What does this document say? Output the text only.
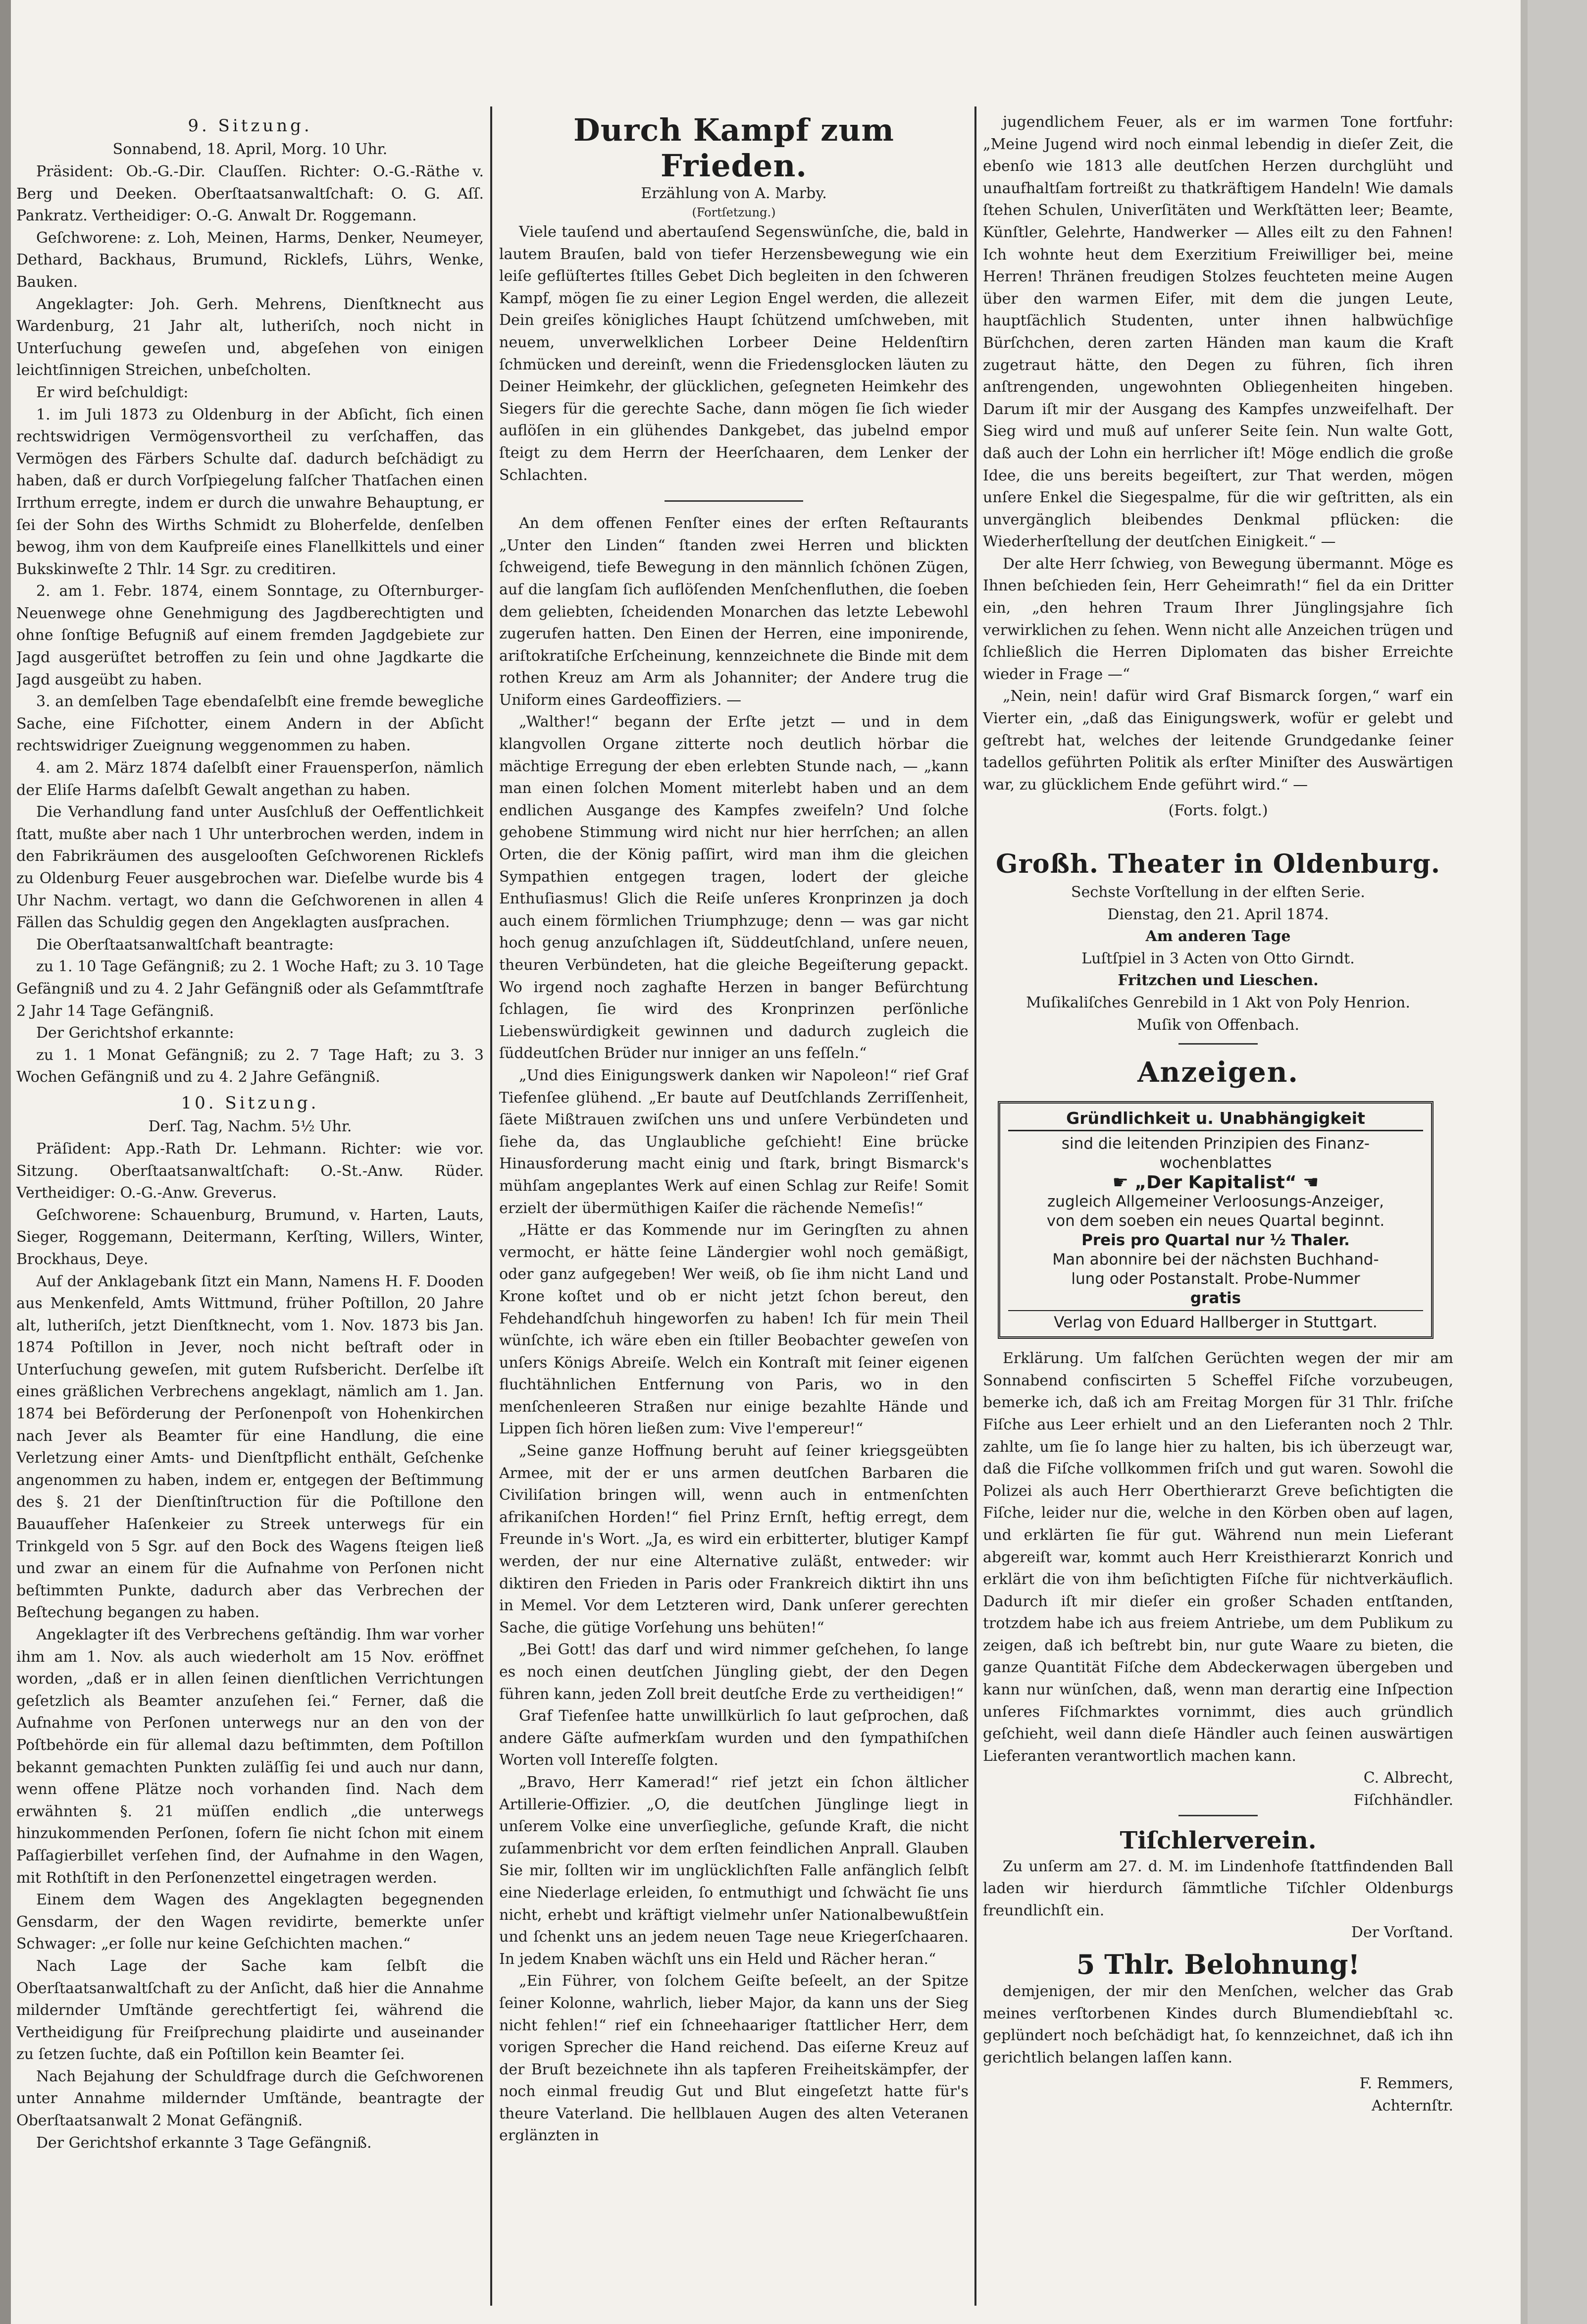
9. Sitzung.
Sonnabend, 18. April, Morg. 10 Uhr.

Präsident: Ob.-G.-Dir. Clauſſen. Richter: O.-G.-Räthe v. Berg und Deeken. Oberſtaatsanwaltſchaft: O. G. Aſſ. Pankratz. Vertheidiger: O.-G. Anwalt Dr. Roggemann.

Geſchworene: z. Loh, Meinen, Harms, Denker, Neumeyer, Dethard, Backhaus, Brumund, Ricklefs, Lührs, Wenke, Bauken.

Angeklagter: Joh. Gerh. Mehrens, Dienſtknecht aus Wardenburg, 21 Jahr alt, lutheriſch, noch nicht in Unterſuchung geweſen und, abgeſehen von einigen leichtſinnigen Streichen, unbeſcholten.

Er wird beſchuldigt:

1. im Juli 1873 zu Oldenburg in der Abſicht, ſich einen rechtswidrigen Vermögensvortheil zu verſchaffen, das Vermögen des Färbers Schulte daſ. dadurch beſchädigt zu haben, daß er durch Vorſpiegelung falſcher Thatſachen einen Irrthum erregte, indem er durch die unwahre Behauptung, er ſei der Sohn des Wirths Schmidt zu Bloherfelde, denſelben bewog, ihm von dem Kaufpreiſe eines Flanellkittels und einer Bukskinweſte 2 Thlr. 14 Sgr. zu creditiren.

2. am 1. Febr. 1874, einem Sonntage, zu Oſternburger-Neuenwege ohne Genehmigung des Jagdberechtigten und ohne ſonſtige Befugniß auf einem fremden Jagdgebiete zur Jagd ausgerüſtet betroffen zu ſein und ohne Jagdkarte die Jagd ausgeübt zu haben.

3. an demſelben Tage ebendaſelbſt eine fremde bewegliche Sache, eine Fiſchotter, einem Andern in der Abſicht rechtswidriger Zueignung weggenommen zu haben.

4. am 2. März 1874 daſelbſt einer Frauensperſon, nämlich der Eliſe Harms daſelbſt Gewalt angethan zu haben.

Die Verhandlung fand unter Ausſchluß der Oeffentlichkeit ſtatt, mußte aber nach 1 Uhr unterbrochen werden, indem in den Fabrikräumen des ausgelooſten Geſchworenen Ricklefs zu Oldenburg Feuer ausgebrochen war. Dieſelbe wurde bis 4 Uhr Nachm. vertagt, wo dann die Geſchworenen in allen 4 Fällen das Schuldig gegen den Angeklagten ausſprachen.

Die Oberſtaatsanwaltſchaft beantragte:

zu 1. 10 Tage Gefängniß; zu 2. 1 Woche Haft; zu 3. 10 Tage Gefängniß und zu 4. 2 Jahr Gefängniß oder als Geſammtſtrafe 2 Jahr 14 Tage Gefängniß.

Der Gerichtshof erkannte:

zu 1. 1 Monat Gefängniß; zu 2. 7 Tage Haft; zu 3. 3 Wochen Gefängniß und zu 4. 2 Jahre Gefängniß.

10. Sitzung.
Derſ. Tag, Nachm. 5½ Uhr.

Präſident: App.-Rath Dr. Lehmann. Richter: wie vor. Sitzung. Oberſtaatsanwaltſchaft: O.-St.-Anw. Rüder. Vertheidiger: O.-G.-Anw. Greverus.

Geſchworene: Schauenburg, Brumund, v. Harten, Lauts, Sieger, Roggemann, Deitermann, Kerſting, Willers, Winter, Brockhaus, Deye.

Auf der Anklagebank ſitzt ein Mann, Namens H. F. Dooden aus Menkenfeld, Amts Wittmund, früher Poſtillon, 20 Jahre alt, lutheriſch, jetzt Dienſtknecht, vom 1. Nov. 1873 bis Jan. 1874 Poſtillon in Jever, noch nicht beſtraft oder in Unterſuchung geweſen, mit gutem Rufsbericht. Derſelbe iſt eines gräßlichen Verbrechens angeklagt, nämlich am 1. Jan. 1874 bei Beförderung der Perſonenpoſt von Hohenkirchen nach Jever als Beamter für eine Handlung, die eine Verletzung einer Amts- und Dienſtpflicht enthält, Geſchenke angenommen zu haben, indem er, entgegen der Beſtimmung des §. 21 der Dienſtinſtruction für die Poſtillone den Bauaufſeher Haſenkeier zu Streek unterwegs für ein Trinkgeld von 5 Sgr. auf den Bock des Wagens ſteigen ließ und zwar an einem für die Aufnahme von Perſonen nicht beſtimmten Punkte, dadurch aber das Verbrechen der Beſtechung begangen zu haben.

Angeklagter iſt des Verbrechens geſtändig. Ihm war vorher ihm am 1. Nov. als auch wiederholt am 15 Nov. eröffnet worden, „daß er in allen ſeinen dienſtlichen Verrichtungen geſetzlich als Beamter anzuſehen ſei.“ Ferner, daß die Aufnahme von Perſonen unterwegs nur an den von der Poſtbehörde ein für allemal dazu beſtimmten, dem Poſtillon bekannt gemachten Punkten zuläſſig ſei und auch nur dann, wenn offene Plätze noch vorhanden ſind. Nach dem erwähnten §. 21 müſſen endlich „die unterwegs hinzukommenden Perſonen, ſofern ſie nicht ſchon mit einem Paſſagierbillet verſehen ſind, der Aufnahme in den Wagen, mit Rothſtift in den Perſonenzettel eingetragen werden.

Einem dem Wagen des Angeklagten begegnenden Gensdarm, der den Wagen revidirte, bemerkte unſer Schwager: „er ſolle nur keine Geſchichten machen.“

Nach Lage der Sache kam ſelbſt die Oberſtaatsanwaltſchaft zu der Anſicht, daß hier die Annahme mildernder Umſtände gerechtfertigt ſei, während die Vertheidigung für Freiſprechung plaidirte und auseinander zu ſetzen ſuchte, daß ein Poſtillon kein Beamter ſei.

Nach Bejahung der Schuldfrage durch die Geſchworenen unter Annahme mildernder Umſtände, beantragte der Oberſtaatsanwalt 2 Monat Gefängniß.

Der Gerichtshof erkannte 3 Tage Gefängniß.

Durch Kampf zum Frieden.
Erzählung von A. Marby.
(Fortſetzung.)

Viele tauſend und abertauſend Segenswünſche, die, bald in lautem Brauſen, bald von tiefer Herzensbewegung wie ein leiſe geflüſtertes ſtilles Gebet Dich begleiten in den ſchweren Kampf, mögen ſie zu einer Legion Engel werden, die allezeit Dein greiſes königliches Haupt ſchützend umſchweben, mit neuem, unverwelklichen Lorbeer Deine Heldenſtirn ſchmücken und dereinſt, wenn die Friedensglocken läuten zu Deiner Heimkehr, der glücklichen, geſegneten Heimkehr des Siegers für die gerechte Sache, dann mögen ſie ſich wieder auflöſen in ein glühendes Dankgebet, das jubelnd empor ſteigt zu dem Herrn der Heerſchaaren, dem Lenker der Schlachten.

An dem offenen Fenſter eines der erſten Reſtaurants „Unter den Linden“ ſtanden zwei Herren und blickten ſchweigend, tiefe Bewegung in den männlich ſchönen Zügen, auf die langſam ſich auflöſenden Menſchenfluthen, die ſoeben dem geliebten, ſcheidenden Monarchen das letzte Lebewohl zugerufen hatten. Den Einen der Herren, eine imponirende, ariſtokratiſche Erſcheinung, kennzeichnete die Binde mit dem rothen Kreuz am Arm als Johanniter; der Andere trug die Uniform eines Gardeoffiziers. —

„Walther!“ begann der Erſte jetzt — und in dem klangvollen Organe zitterte noch deutlich hörbar die mächtige Erregung der eben erlebten Stunde nach, — „kann man einen ſolchen Moment miterlebt haben und an dem endlichen Ausgange des Kampfes zweifeln? Und ſolche gehobene Stimmung wird nicht nur hier herrſchen; an allen Orten, die der König paſſirt, wird man ihm die gleichen Sympathien entgegen tragen, lodert der gleiche Enthuſiasmus! Glich die Reiſe unſeres Kronprinzen ja doch auch einem förmlichen Triumphzuge; denn — was gar nicht hoch genug anzuſchlagen iſt, Süddeutſchland, unſere neuen, theuren Verbündeten, hat die gleiche Begeiſterung gepackt. Wo irgend noch zaghafte Herzen in banger Befürchtung ſchlagen, ſie wird des Kronprinzen perſönliche Liebenswürdigkeit gewinnen und dadurch zugleich die ſüddeutſchen Brüder nur inniger an uns feſſeln.“

„Und dies Einigungswerk danken wir Napoleon!“ rief Graf Tiefenſee glühend. „Er baute auf Deutſchlands Zerriſſenheit, ſäete Mißtrauen zwiſchen uns und unſere Verbündeten und ſiehe da, das Unglaubliche geſchieht! Eine brücke Hinausforderung macht einig und ſtark, bringt Bismarck's mühſam angeplantes Werk auf einen Schlag zur Reife! Somit erzielt der übermüthigen Kaiſer die rächende Nemeſis!“

„Hätte er das Kommende nur im Geringſten zu ahnen vermocht, er hätte ſeine Ländergier wohl noch gemäßigt, oder ganz aufgegeben! Wer weiß, ob ſie ihm nicht Land und Krone koſtet und ob er nicht jetzt ſchon bereut, den Fehdehandſchuh hingeworfen zu haben! Ich für mein Theil wünſchte, ich wäre eben ein ſtiller Beobachter geweſen von unſers Königs Abreiſe. Welch ein Kontraſt mit ſeiner eigenen fluchtähnlichen Entfernung von Paris, wo in den menſchenleeren Straßen nur einige bezahlte Hände und Lippen ſich hören ließen zum: Vive l'empereur!“

„Seine ganze Hoffnung beruht auf ſeiner kriegsgeübten Armee, mit der er uns armen deutſchen Barbaren die Civiliſation bringen will, wenn auch in entmenſchten afrikaniſchen Horden!“ fiel Prinz Ernſt, heftig erregt, dem Freunde in's Wort. „Ja, es wird ein erbitterter, blutiger Kampf werden, der nur eine Alternative zuläßt, entweder: wir diktiren den Frieden in Paris oder Frankreich diktirt ihn uns in Memel. Vor dem Letzteren wird, Dank unſerer gerechten Sache, die gütige Vorſehung uns behüten!“

„Bei Gott! das darf und wird nimmer geſchehen, ſo lange es noch einen deutſchen Jüngling giebt, der den Degen führen kann, jeden Zoll breit deutſche Erde zu vertheidigen!“

Graf Tiefenſee hatte unwillkürlich ſo laut geſprochen, daß andere Gäſte aufmerkſam wurden und den ſympathiſchen Worten voll Intereſſe folgten.

„Bravo, Herr Kamerad!“ rief jetzt ein ſchon ältlicher Artillerie-Offizier. „O, die deutſchen Jünglinge liegt in unſerem Volke eine unverſiegliche, geſunde Kraft, die nicht zuſammenbricht vor dem erſten feindlichen Anprall. Glauben Sie mir, ſollten wir im unglücklichſten Falle anfänglich ſelbſt eine Niederlage erleiden, ſo entmuthigt und ſchwächt ſie uns nicht, erhebt und kräftigt vielmehr unſer Nationalbewußtſein und ſchenkt uns an jedem neuen Tage neue Kriegerſchaaren. In jedem Knaben wächſt uns ein Held und Rächer heran.“

„Ein Führer, von ſolchem Geiſte beſeelt, an der Spitze ſeiner Kolonne, wahrlich, lieber Major, da kann uns der Sieg nicht fehlen!“ rief ein ſchneehaariger ſtattlicher Herr, dem vorigen Sprecher die Hand reichend. Das eiſerne Kreuz auf der Bruſt bezeichnete ihn als tapferen Freiheitskämpfer, der noch einmal freudig Gut und Blut eingeſetzt hatte für's theure Vaterland. Die hellblauen Augen des alten Veteranen erglänzten in

jugendlichem Feuer, als er im warmen Tone fortfuhr: „Meine Jugend wird noch einmal lebendig in dieſer Zeit, die ebenſo wie 1813 alle deutſchen Herzen durchglüht und unaufhaltſam fortreißt zu thatkräftigem Handeln! Wie damals ſtehen Schulen, Univerſitäten und Werkſtätten leer; Beamte, Künſtler, Gelehrte, Handwerker — Alles eilt zu den Fahnen! Ich wohnte heut dem Exerzitium Freiwilliger bei, meine Herren! Thränen freudigen Stolzes feuchteten meine Augen über den warmen Eifer, mit dem die jungen Leute, hauptſächlich Studenten, unter ihnen halbwüchſige Bürſchchen, deren zarten Händen man kaum die Kraft zugetraut hätte, den Degen zu führen, ſich ihren anſtrengenden, ungewohnten Obliegenheiten hingeben. Darum iſt mir der Ausgang des Kampfes unzweifelhaft. Der Sieg wird und muß auf unſerer Seite ſein. Nun walte Gott, daß auch der Lohn ein herrlicher iſt! Möge endlich die große Idee, die uns bereits begeiſtert, zur That werden, mögen unſere Enkel die Siegespalme, für die wir geſtritten, als ein unvergänglich bleibendes Denkmal pflücken: die Wiederherſtellung der deutſchen Einigkeit.“ —

Der alte Herr ſchwieg, von Bewegung übermannt. Möge es Ihnen beſchieden ſein, Herr Geheimrath!“ fiel da ein Dritter ein, „den hehren Traum Ihrer Jünglingsjahre ſich verwirklichen zu ſehen. Wenn nicht alle Anzeichen trügen und ſchließlich die Herren Diplomaten das bisher Erreichte wieder in Frage —“

„Nein, nein! dafür wird Graf Bismarck ſorgen,“ warf ein Vierter ein, „daß das Einigungswerk, wofür er gelebt und geſtrebt hat, welches der leitende Grundgedanke ſeiner tadellos geführten Politik als erſter Miniſter des Auswärtigen war, zu glücklichem Ende geführt wird.“ —

(Forts. folgt.)

Großh. Theater in Oldenburg.

Sechste Vorſtellung in der elften Serie.

Dienstag, den 21. April 1874.

Am anderen Tage

Luſtſpiel in 3 Acten von Otto Girndt.

Fritzchen und Lieschen.

Muſikaliſches Genrebild in 1 Akt von Poly Henrion.

Muſik von Offenbach.

Anzeigen.
Gründlichkeit u. Unabhängigkeit
sind die leitenden Prinzipien des Finanz-
wochenblattes
☛ „Der Kapitalist“ ☚
zugleich Allgemeiner Verloosungs-Anzeiger,
von dem soeben ein neues Quartal beginnt.
Preis pro Quartal nur ½ Thaler.
Man abonnire bei der nächsten Buchhand-
lung oder Postanstalt. Probe-Nummer
gratis
Verlag von Eduard Hallberger in Stuttgart.

Erklärung. Um falſchen Gerüchten wegen der mir am Sonnabend confiscirten 5 Scheffel Fiſche vorzubeugen, bemerke ich, daß ich am Freitag Morgen für 31 Thlr. friſche Fiſche aus Leer erhielt und an den Lieferanten noch 2 Thlr. zahlte, um ſie ſo lange hier zu halten, bis ich überzeugt war, daß die Fiſche vollkommen friſch und gut waren. Sowohl die Polizei als auch Herr Oberthierarzt Greve beſichtigten die Fiſche, leider nur die, welche in den Körben oben auf lagen, und erklärten ſie für gut. Während nun mein Lieferant abgereiſt war, kommt auch Herr Kreisthierarzt Konrich und erklärt die von ihm beſichtigten Fiſche für nichtverkäuflich. Dadurch iſt mir dieſer ein großer Schaden entſtanden, trotzdem habe ich aus freiem Antriebe, um dem Publikum zu zeigen, daß ich beſtrebt bin, nur gute Waare zu bieten, die ganze Quantität Fiſche dem Abdeckerwagen übergeben und kann nur wünſchen, daß, wenn man derartig eine Inſpection unſeres Fiſchmarktes vornimmt, dies auch gründlich geſchieht, weil dann dieſe Händler auch ſeinen auswärtigen Lieferanten verantwortlich machen kann.

C. Albrecht,

Fiſchhändler.

Tiſchlerverein.

Zu unſerm am 27. d. M. im Lindenhofe ſtattfindenden Ball laden wir hierdurch ſämmtliche Tiſchler Oldenburgs freundlichſt ein.

Der Vorſtand.

5 Thlr. Belohnung!

demjenigen, der mir den Menſchen, welcher das Grab meines verſtorbenen Kindes durch Blumendiebſtahl ꝛc. geplündert noch beſchädigt hat, ſo kennzeichnet, daß ich ihn gerichtlich belangen laſſen kann.

F. Remmers,

Achternſtr.
